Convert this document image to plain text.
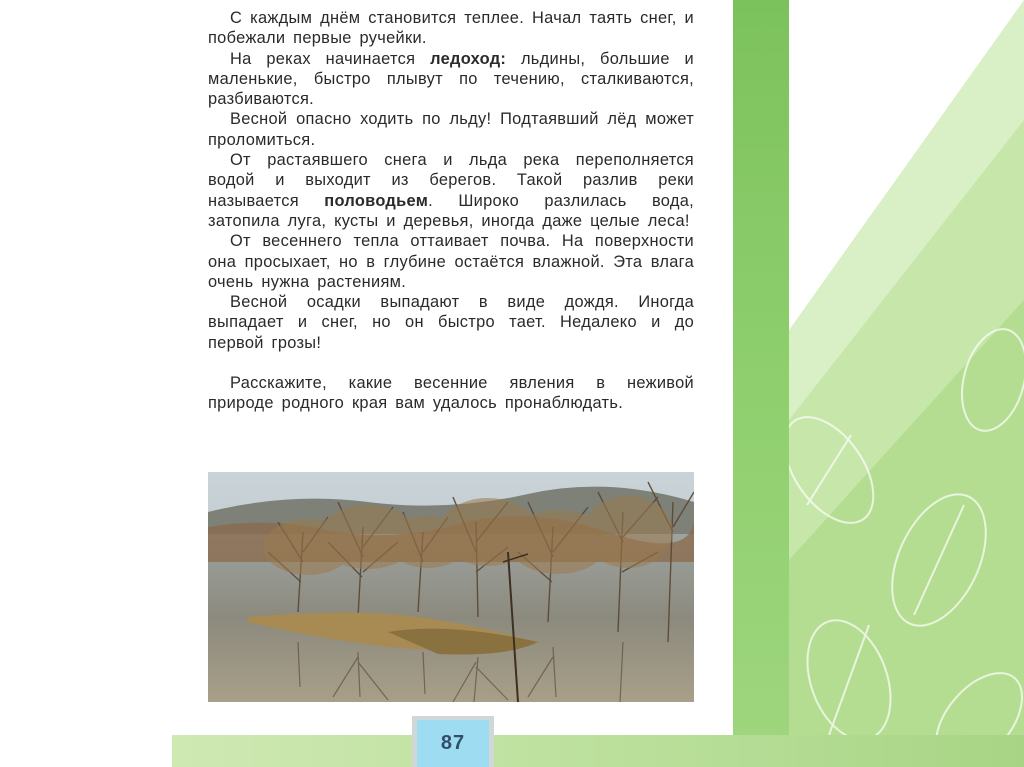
С каждым днём становится теплее. Начал таять снег, и побежали первые ручейки.

На реках начинается ледоход: льдины, большие и маленькие, быстро плывут по течению, сталкиваются, разбиваются.

Весной опасно ходить по льду! Подтаявший лёд может проломиться.

От растаявшего снега и льда река переполняется водой и выходит из берегов. Такой разлив реки называется половодьем. Широко разлилась вода, затопила луга, кусты и деревья, иногда даже целые леса!

От весеннего тепла оттаивает почва. На поверхности она просыхает, но в глубине остаётся влажной. Эта влага очень нужна растениям.

Весной осадки выпадают в виде дождя. Иногда выпадает и снег, но он быстро тает. Недалеко и до первой грозы!

Расскажите, какие весенние явления в неживой природе родного края вам удалось пронаблюдать.

87
